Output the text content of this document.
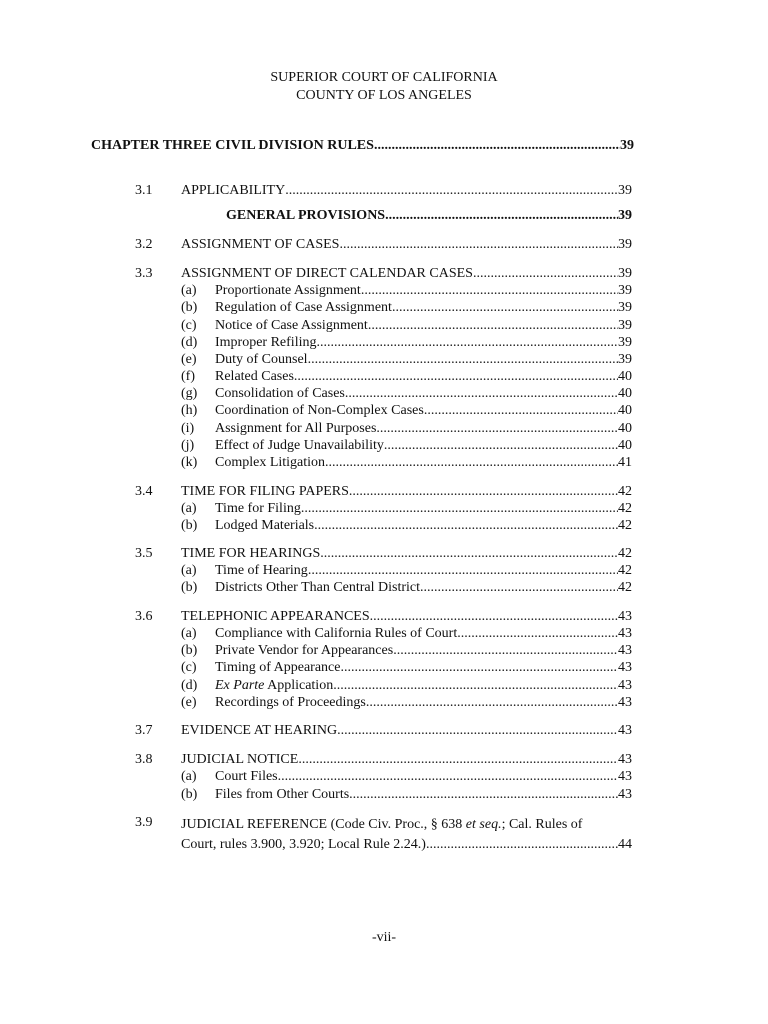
SUPERIOR COURT OF CALIFORNIA
COUNTY OF LOS ANGELES
CHAPTER THREE CIVIL DIVISION RULES .....	39
3.1 APPLICABILITY .....	39
GENERAL PROVISIONS .....	39
3.2 ASSIGNMENT OF CASES .....	39
3.3 ASSIGNMENT OF DIRECT CALENDAR CASES .....	39
(a)	Proportionate Assignment .....	39
(b)	Regulation of Case Assignment .....	39
(c)	Notice of Case Assignment .....	39
(d)	Improper Refiling .....	39
(e)	Duty of Counsel .....	39
(f)	Related Cases .....	40
(g)	Consolidation of Cases .....	40
(h)	Coordination of Non-Complex Cases .....	40
(i)	Assignment for All Purposes .....	40
(j)	Effect of Judge Unavailability .....	40
(k)	Complex Litigation .....	41
3.4 TIME FOR FILING PAPERS .....	42
(a)	Time for Filing .....	42
(b)	Lodged Materials .....	42
3.5 TIME FOR HEARINGS .....	42
(a)	Time of Hearing .....	42
(b)	Districts Other Than Central District .....	42
3.6 TELEPHONIC APPEARANCES .....	43
(a)	Compliance with California Rules of Court .....	43
(b)	Private Vendor for Appearances .....	43
(c)	Timing of Appearance .....	43
(d)	Ex Parte Application .....	43
(e)	Recordings of Proceedings .....	43
3.7 EVIDENCE AT HEARING .....	43
3.8 JUDICIAL NOTICE .....	43
(a)	Court Files .....	43
(b)	Files from Other Courts .....	43
3.9 JUDICIAL REFERENCE (Code Civ. Proc., § 638 et seq.; Cal. Rules of
Court, rules 3.900, 3.920; Local Rule 2.24.) .....	44
-vii-
